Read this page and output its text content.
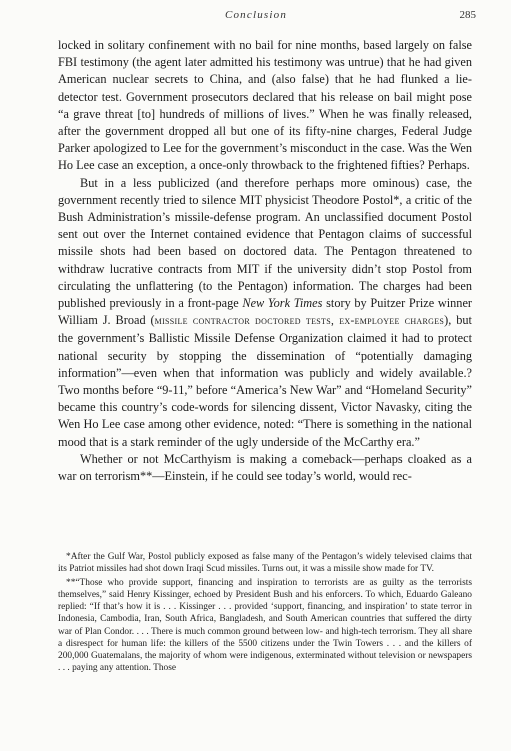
Conclusion	285

locked in solitary confinement with no bail for nine months, based largely on false FBI testimony (the agent later admitted his testimony was untrue) that he had given American nuclear secrets to China, and (also false) that he had flunked a lie-detector test. Government prosecutors declared that his release on bail might pose “a grave threat [to] hundreds of millions of lives.” When he was finally released, after the government dropped all but one of its fifty-nine charges, Federal Judge Parker apologized to Lee for the government’s misconduct in the case. Was the Wen Ho Lee case an exception, a once-only throwback to the frightened fifties? Perhaps.

But in a less publicized (and therefore perhaps more ominous) case, the government recently tried to silence MIT physicist Theodore Postol*, a critic of the Bush Administration’s missile-defense program. An unclassified document Postol sent out over the Internet contained evidence that Pentagon claims of successful missile shots had been based on doctored data. The Pentagon threatened to withdraw lucrative contracts from MIT if the university didn’t stop Postol from circulating the unflattering (to the Pentagon) information. The charges had been published previously in a front-page New York Times story by Puitzer Prize winner William J. Broad (missile contractor doctored tests, ex-employee charges), but the government’s Ballistic Missile Defense Organization claimed it had to protect national security by stopping the dissemination of “potentially damaging information”—even when that information was publicly and widely available.? Two months before “9-11,” before “America’s New War” and “Homeland Security” became this country’s code-words for silencing dissent, Victor Navasky, citing the Wen Ho Lee case among other evidence, noted: “There is something in the national mood that is a stark reminder of the ugly underside of the McCarthy era.”

Whether or not McCarthyism is making a comeback—perhaps cloaked as a war on terrorism**—Einstein, if he could see today’s world, would rec-

*After the Gulf War, Postol publicly exposed as false many of the Pentagon’s widely televised claims that its Patriot missiles had shot down Iraqi Scud missiles. Turns out, it was a missile show made for TV.

**“Those who provide support, financing and inspiration to terrorists are as guilty as the terrorists themselves,” said Henry Kissinger, echoed by President Bush and his enforcers. To which, Eduardo Galeano replied: “If that’s how it is . . . Kissinger . . . provided ‘support, financing, and inspiration’ to state terror in Indonesia, Cambodia, Iran, South Africa, Bangladesh, and South American countries that suffered the dirty war of Plan Condor. . . . There is much common ground between low- and high-tech terrorism. They all share a disrespect for human life: the killers of the 5500 citizens under the Twin Towers . . . and the killers of 200,000 Guatemalans, the majority of whom were indigenous, exterminated without television or newspapers . . . paying any attention. Those
